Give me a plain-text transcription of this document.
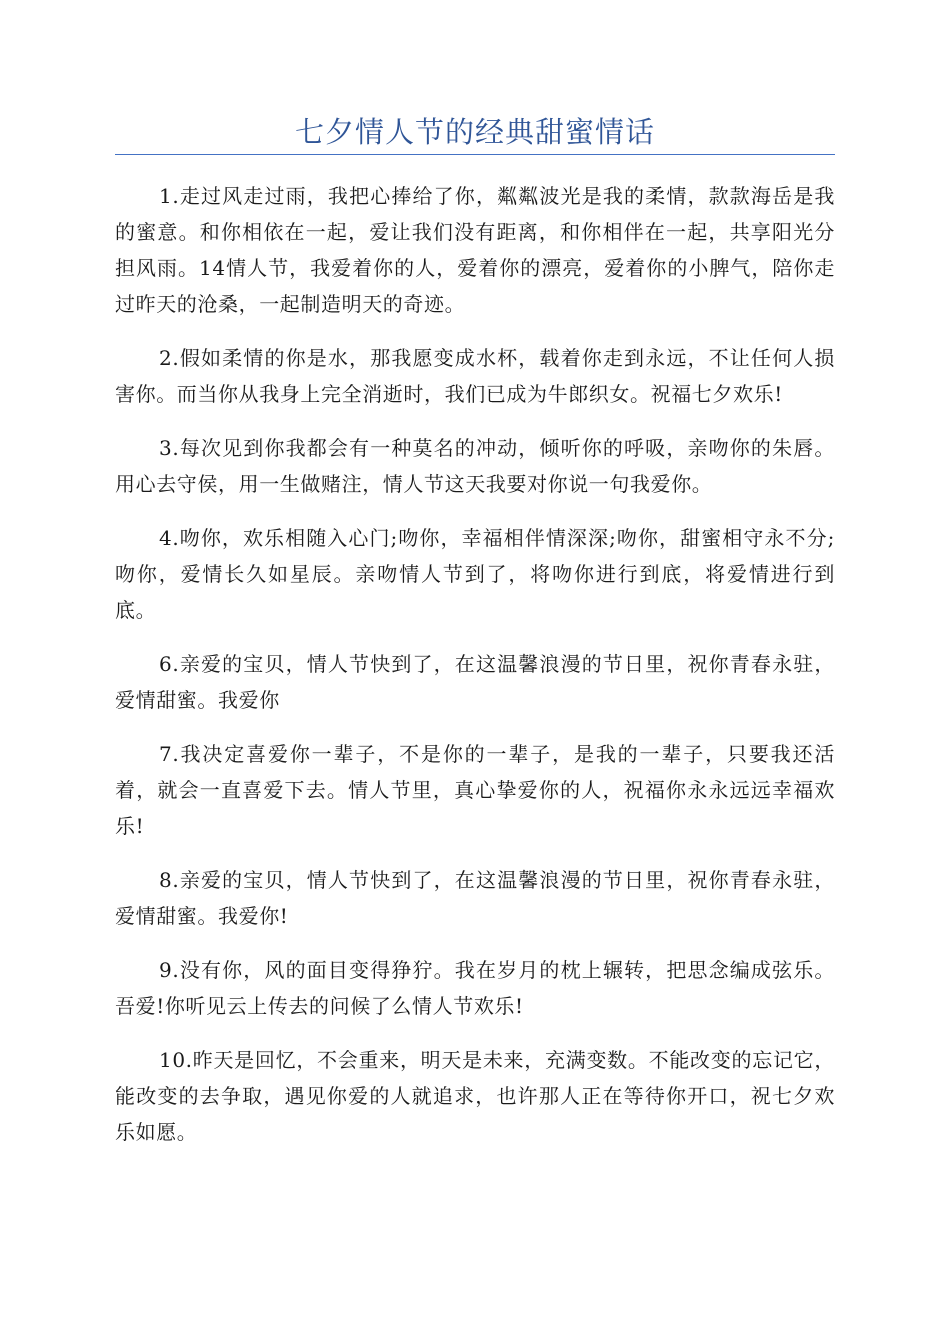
七夕情人节的经典甜蜜情话

1.走过风走过雨，我把心捧给了你，粼粼波光是我的柔情，款款海岳是我的蜜意。和你相依在一起，爱让我们没有距离，和你相伴在一起，共享阳光分担风雨。14情人节，我爱着你的人，爱着你的漂亮，爱着你的小脾气，陪你走过昨天的沧桑，一起制造明天的奇迹。

2.假如柔情的你是水，那我愿变成水杯，载着你走到永远，不让任何人损害你。而当你从我身上完全消逝时，我们已成为牛郎织女。祝福七夕欢乐!

3.每次见到你我都会有一种莫名的冲动，倾听你的呼吸，亲吻你的朱唇。用心去守侯，用一生做赌注，情人节这天我要对你说一句我爱你。

4.吻你，欢乐相随入心门;吻你，幸福相伴情深深;吻你，甜蜜相守永不分;吻你，爱情长久如星辰。亲吻情人节到了，将吻你进行到底，将爱情进行到底。

6.亲爱的宝贝，情人节快到了，在这温馨浪漫的节日里，祝你青春永驻，爱情甜蜜。我爱你

7.我决定喜爱你一辈子，不是你的一辈子，是我的一辈子，只要我还活着，就会一直喜爱下去。情人节里，真心挚爱你的人，祝福你永永远远幸福欢乐!

8.亲爱的宝贝，情人节快到了，在这温馨浪漫的节日里，祝你青春永驻，爱情甜蜜。我爱你!

9.没有你，风的面目变得狰狞。我在岁月的枕上辗转，把思念编成弦乐。吾爱!你听见云上传去的问候了么情人节欢乐!

10.昨天是回忆，不会重来，明天是未来，充满变数。不能改变的忘记它，能改变的去争取，遇见你爱的人就追求，也许那人正在等待你开口，祝七夕欢乐如愿。
